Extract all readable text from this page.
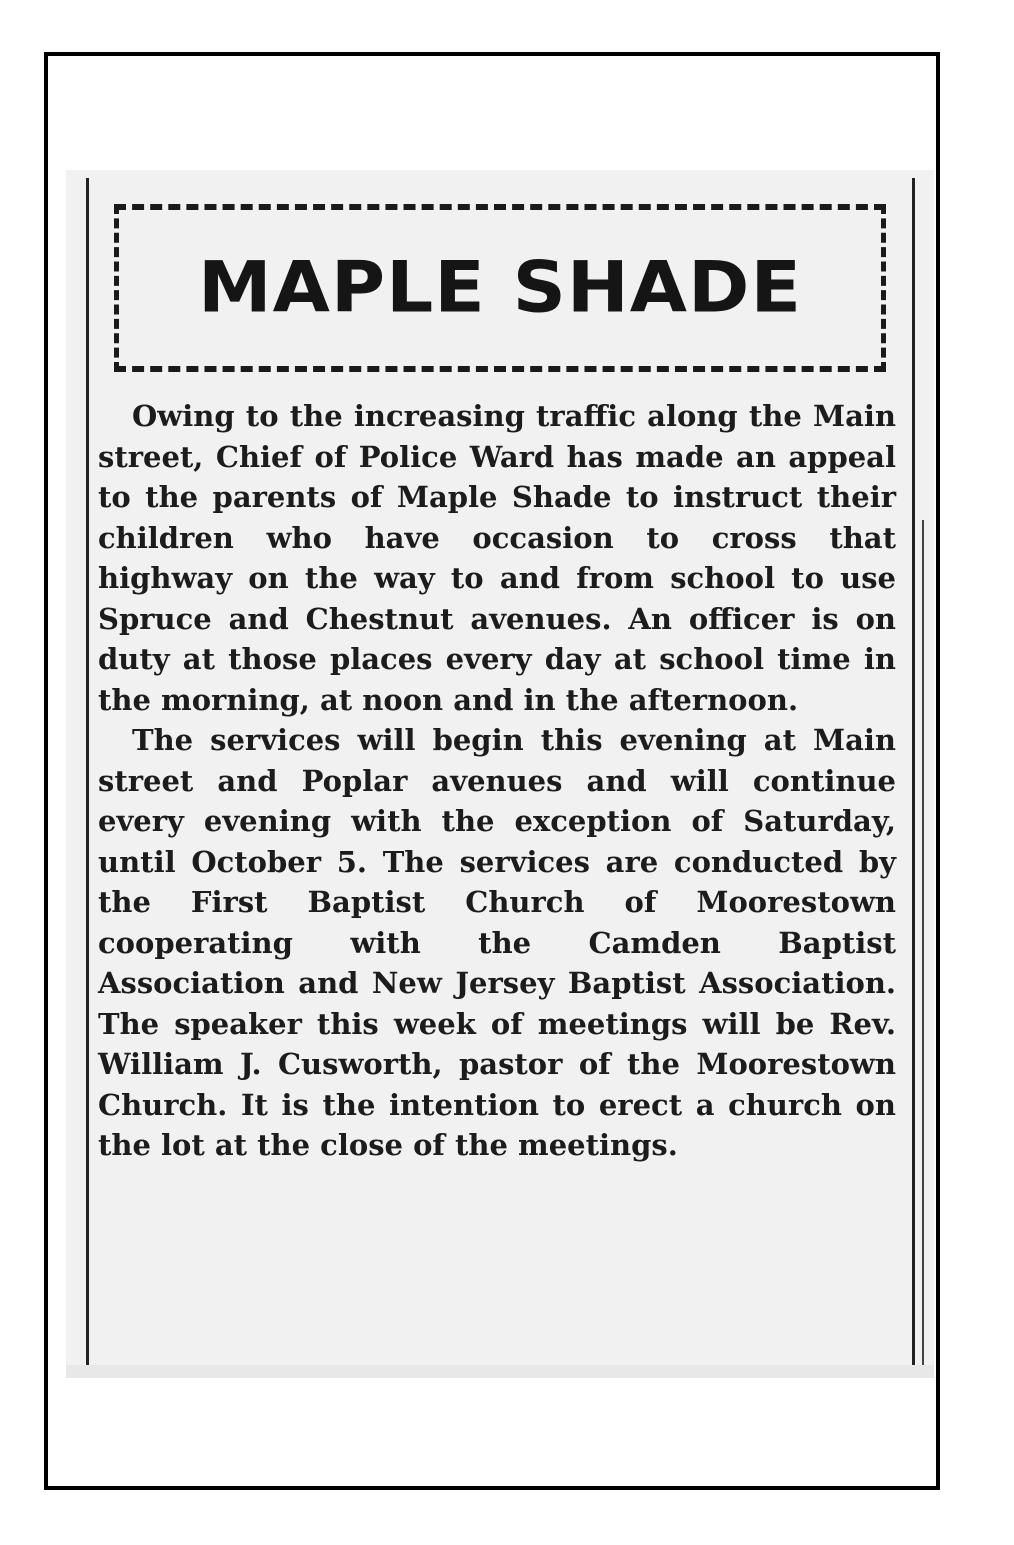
MAPLE SHADE

Owing to the increasing traffic along the Main street, Chief of Police Ward has made an appeal to the parents of Maple Shade to instruct their children who have occasion to cross that highway on the way to and from school to use Spruce and Chestnut avenues. An officer is on duty at those places every day at school time in the morning, at noon and in the afternoon.

The services will begin this evening at Main street and Poplar avenues and will continue every evening with the exception of Saturday, until October 5. The services are conducted by the First Baptist Church of Moorestown cooperating with the Camden Baptist Association and New Jersey Baptist Association. The speaker this week of meetings will be Rev. William J. Cusworth, pastor of the Moorestown Church. It is the intention to erect a church on the lot at the close of the meetings.
